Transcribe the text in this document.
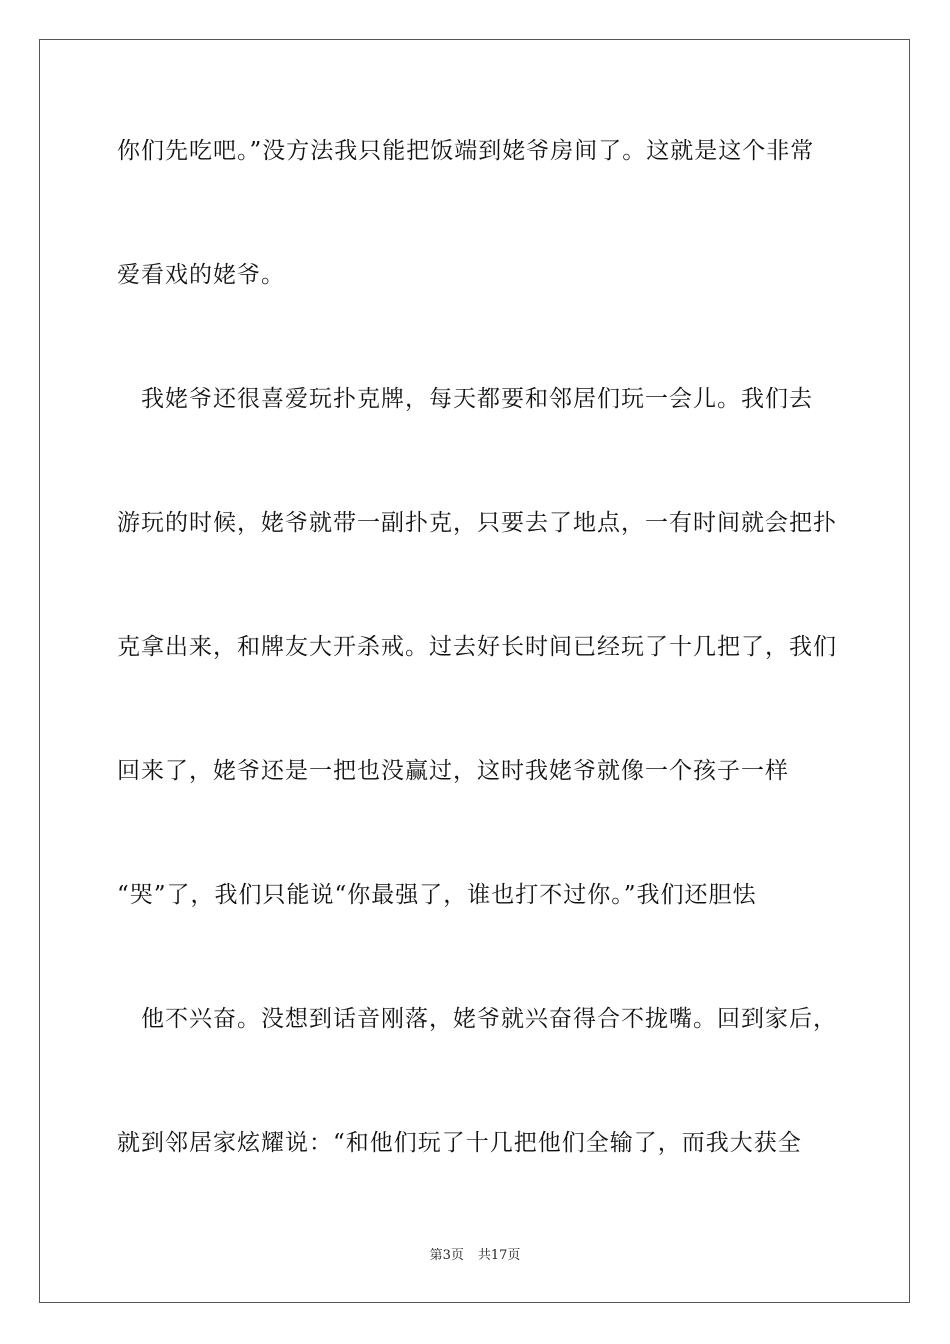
你们先吃吧。”没方法我只能把饭端到姥爷房间了。这就是这个非常
爱看戏的姥爷。
　我姥爷还很喜爱玩扑克牌，每天都要和邻居们玩一会儿。我们去
游玩的时候，姥爷就带一副扑克，只要去了地点，一有时间就会把扑
克拿出来，和牌友大开杀戒。过去好长时间已经玩了十几把了，我们
回来了，姥爷还是一把也没赢过，这时我姥爷就像一个孩子一样
“哭”了，我们只能说“你最强了，谁也打不过你。”我们还胆怯
　他不兴奋。没想到话音刚落，姥爷就兴奋得合不拢嘴。回到家后，
就到邻居家炫耀说：“和他们玩了十几把他们全输了，而我大获全
第3页 共17页
